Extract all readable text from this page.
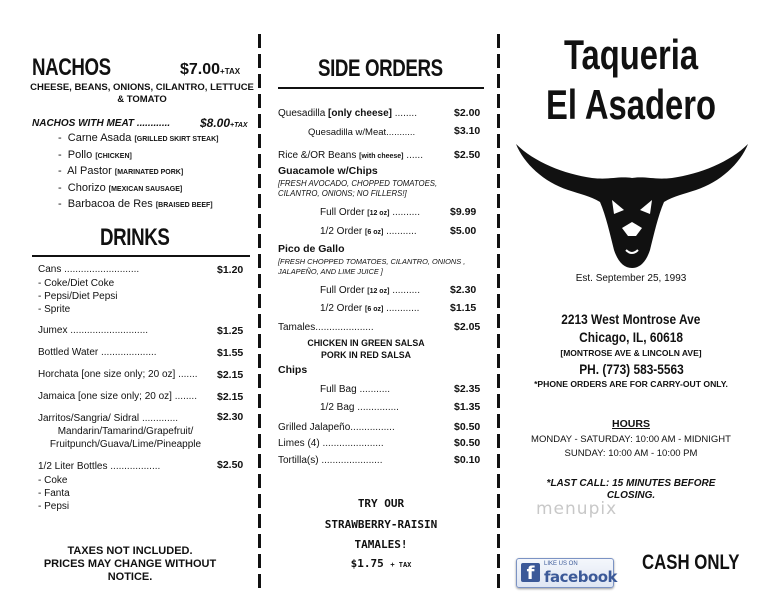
NACHOS	$7.00+TAX
CHEESE, BEANS, ONIONS, CILANTRO, LETTUCE
& TOMATO
NACHOS WITH MEAT ............ $8.00+TAX
-  Carne Asada [GRILLED SKIRT STEAK]
-  Pollo [CHICKEN]
-  Al Pastor [MARINATED PORK]
-  Chorizo [MEXICAN SAUSAGE]
-  Barbacoa de Res [BRAISED BEEF]
DRINKS
Cans ...........................	$1.20
- Coke/Diet Coke
- Pepsi/Diet Pepsi
- Sprite
Jumex ............................	$1.25
Bottled Water ....................	$1.55
Horchata [one size only; 20 oz] ....... $2.15
Jamaica [one size only; 20 oz] ........ $2.15
Jarritos/Sangria/ Sidral .............	$2.30
Mandarin/Tamarind/Grapefruit/
Fruitpunch/Guava/Lime/Pineapple
1/2 Liter Bottles ..................	$2.50
- Coke
- Fanta
- Pepsi
TAXES NOT INCLUDED.
PRICES MAY CHANGE WITHOUT
NOTICE.
SIDE ORDERS
Quesadilla [only cheese] ........	$2.00
Quesadilla w/Meat...........	$3.10
Rice &/OR Beans [with cheese] ......	$2.50
Guacamole w/Chips
[FRESH AVOCADO, CHOPPED TOMATOES,
CILANTRO, ONIONS; NO FILLERS!]
Full Order [12 oz] ..........	$9.99
1/2 Order [6 oz] ...........	$5.00
Pico de Gallo
[FRESH CHOPPED TOMATOES, CILANTRO, ONIONS ,
JALAPEÑO, AND LIME JUICE ]
Full Order [12 oz] ..........	$2.30
1/2 Order [6 oz] ............	$1.15
Tamales.....................	$2.05
CHICKEN IN GREEN SALSA
PORK IN RED SALSA
Chips
Full Bag ...........	$2.35
1/2 Bag ...............	$1.35
Grilled Jalapeño................	$0.50
Limes (4) ......................	$0.50
Tortilla(s) ......................	$0.10
TRY OUR
STRAWBERRY-RAISIN
TAMALES!
$1.75 + TAX
Taqueria
El Asadero
Est. September 25, 1993
2213 West Montrose Ave
Chicago, IL, 60618
[MONTROSE AVE & LINCOLN AVE]
PH. (773) 583-5563
*PHONE ORDERS ARE FOR CARRY-OUT ONLY.
HOURS
MONDAY - SATURDAY: 10:00 AM - MIDNIGHT
SUNDAY: 10:00 AM - 10:00 PM
*LAST CALL: 15 MINUTES BEFORE
CLOSING.
menupix
f	LIKE US ON
facebook
CASH ONLY
